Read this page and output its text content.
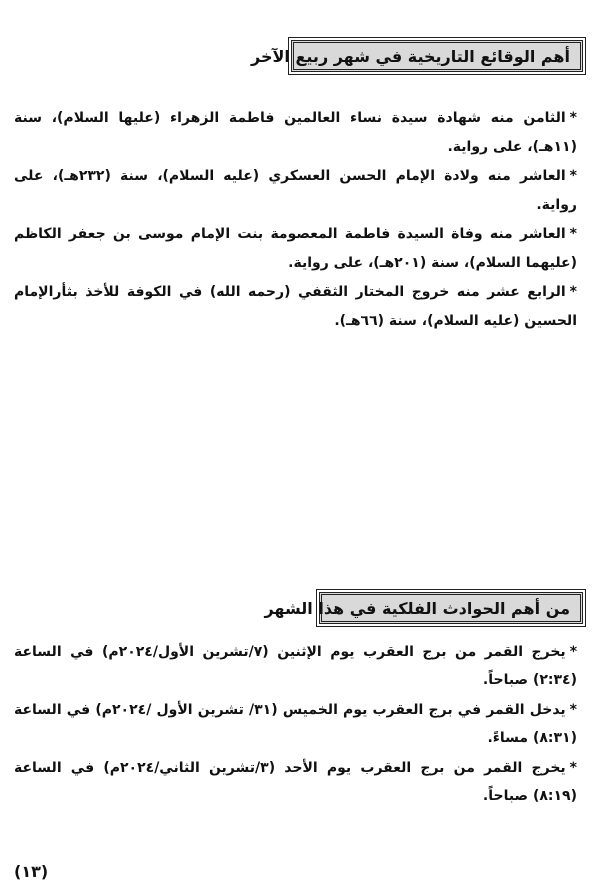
أهم الوقائع التاريخية في شهر ربيع الآخر
*الثامن منه شهادة سيدة نساء العالمين فاطمة الزهراء (عليها السلام)، سنة (١١هـ)، على رواية.
*العاشر منه ولادة الإمام الحسن العسكري (عليه السلام)، سنة (٢٣٢هـ)، على رواية.
*العاشر منه وفاة السيدة فاطمة المعصومة بنت الإمام موسى بن جعفر الكاظم (عليهما السلام)، سنة (٢٠١هـ)، على رواية.
*الرابع عشر منه خروج المختار الثقفي (رحمه الله) في الكوفة للأخذ بثأرالإمام الحسين (عليه السلام)، سنة (٦٦هـ).
من أهم الحوادث الفلكية في هذا الشهر
*يخرج القمر من برج العقرب يوم الإثنين (٧/تشرين الأول/٢٠٢٤م) في الساعة (٢:٣٤) صباحاً.
*يدخل القمر في برج العقرب يوم الخميس (٣١/ تشرين الأول /٢٠٢٤م) في الساعة (٨:٣١) مساءً.
*يخرج القمر من برج العقرب يوم الأحد (٣/تشرين الثاني/٢٠٢٤م) في الساعة (٨:١٩) صباحاً.
(١٣)
